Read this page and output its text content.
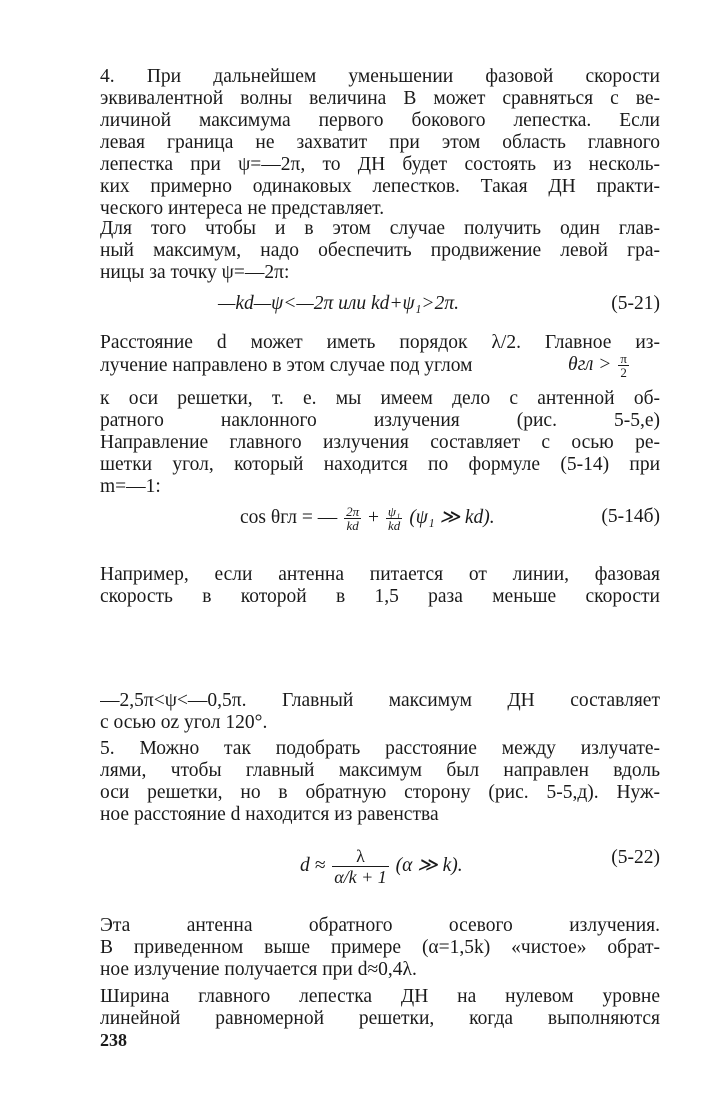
4. При дальнейшем уменьшении фазовой скорости
эквивалентной волны величина B может сравняться с ве-
личиной максимума первого бокового лепестка. Если
левая граница не захватит при этом область главного
лепестка при ψ=—2π, то ДН будет состоять из несколь-
ких примерно одинаковых лепестков. Такая ДН практи-
ческого интереса не представляет.
Для того чтобы и в этом случае получить один глав-
ный максимум, надо обеспечить продвижение левой гра-
ницы за точку ψ=—2π:
—kd—ψ<—2π или kd+ψ₁>2π.	(5-21)
Расстояние d может иметь порядок λ/2. Главное из-
лучение направлено в этом случае под углом	$\theta гл > \frac{\pi}{2}$
к оси решетки, т. е. мы имеем дело с антенной об-
ратного наклонного излучения (рис. 5-5,е)
Направление главного излучения составляет с осью ре-
шетки угол, который находится по формуле (5-14) при
m=—1:
cos θгл = — $\frac{2\pi}{kd} + \frac{\text{ψ₁}}{kd} (\psi_1$ ≫ kd).	(5-14б)
Например, если антенна питается от линии, фазовая
скорость в которой в 1,5 раза меньше скорости
—2,5π<ψ<—0,5π. Главный максимум ДН составляет
с осью oz угол 120°.
5. Можно так подобрать расстояние между излучате-
лями, чтобы главный максимум был направлен вдоль
оси решетки, но в обратную сторону (рис. 5-5,д). Нуж-
ное расстояние d находится из равенства
$d \approx \frac{\lambda}{\alpha/k + 1} (\alpha$ ≫ k).	(5-22)
Эта антенна обратного осевого излучения.
В приведенном выше примере (α=1,5k) «чистое» обрат-
ное излучение получается при d≈0,4λ.
Ширина главного лепестка ДН на нулевом уровне
линейной равномерной решетки, когда выполняются
238
